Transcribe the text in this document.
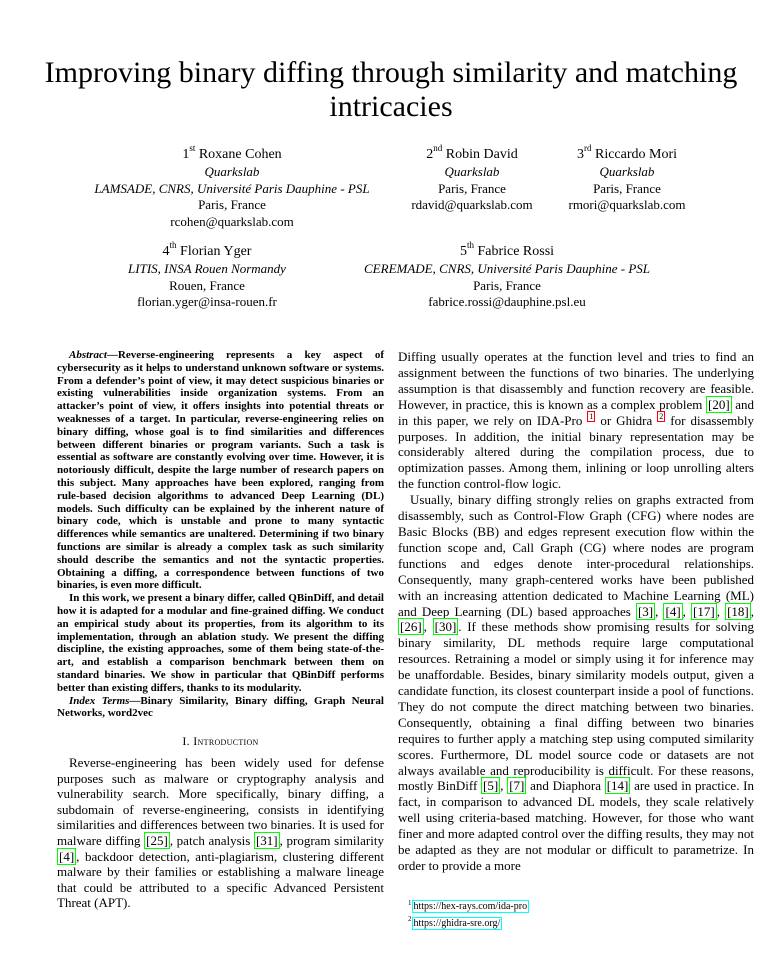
Improving binary diffing through similarity and matching intricacies
1st Roxane Cohen
Quarkslab
LAMSADE, CNRS, Université Paris Dauphine - PSL
Paris, France
rcohen@quarkslab.com
2nd Robin David
Quarkslab
Paris, France
rdavid@quarkslab.com
3rd Riccardo Mori
Quarkslab
Paris, France
rmori@quarkslab.com
4th Florian Yger
LITIS, INSA Rouen Normandy
Rouen, France
florian.yger@insa-rouen.fr
5th Fabrice Rossi
CEREMADE, CNRS, Université Paris Dauphine - PSL
Paris, France
fabrice.rossi@dauphine.psl.eu

Abstract—Reverse-engineering represents a key aspect of cybersecurity as it helps to understand unknown software or systems. From a defender’s point of view, it may detect suspicious binaries or existing vulnerabilities inside organization systems. From an attacker’s point of view, it offers insights into potential threats or weaknesses of a target. In particular, reverse-engineering relies on binary diffing, whose goal is to find similarities and differences between different binaries or program variants. Such a task is essential as software are constantly evolving over time. However, it is notoriously difficult, despite the large number of research papers on this subject. Many approaches have been explored, ranging from rule-based decision algorithms to advanced Deep Learning (DL) models. Such difficulty can be explained by the inherent nature of binary code, which is unstable and prone to many syntactic differences while semantics are unaltered. Determining if two binary functions are similar is already a complex task as such similarity should describe the semantics and not the syntactic properties. Obtaining a diffing, a correspondence between functions of two binaries, is even more difficult.

In this work, we present a binary differ, called QBinDiff, and detail how it is adapted for a modular and fine-grained diffing. We conduct an empirical study about its properties, from its algorithm to its implementation, through an ablation study. We present the diffing discipline, the existing approaches, some of them being state-of-the-art, and establish a comparison benchmark between them on standard binaries. We show in particular that QBinDiff performs better than existing differs, thanks to its modularity.

Index Terms—Binary Similarity, Binary diffing, Graph Neural Networks, word2vec

I. Introduction

Reverse-engineering has been widely used for defense purposes such as malware or cryptography analysis and vulnerability search. More specifically, binary diffing, a subdomain of reverse-engineering, consists in identifying similarities and differences between two binaries. It is used for malware diffing [25] , patch analysis [31] , program similarity [4] , backdoor detection, anti-plagiarism, clustering different malware by their families or establishing a malware lineage that could be attributed to a specific Advanced Persistent Threat (APT).

Diffing usually operates at the function level and tries to find an assignment between the functions of two binaries. The underlying assumption is that disassembly and function recovery are feasible. However, in practice, this is known as a complex problem [20] and in this paper, we rely on IDA-Pro $^1$ or Ghidra $^2$ for disassembly purposes. In addition, the initial binary representation may be considerably altered during the compilation process, due to optimization passes. Among them, inlining or loop unrolling alters the function control-flow logic.

Usually, binary diffing strongly relies on graphs extracted from disassembly, such as Control-Flow Graph (CFG) where nodes are Basic Blocks (BB) and edges represent execution flow within the function scope and, Call Graph (CG) where nodes are program functions and edges denote inter-procedural relationships. Consequently, many graph-centered works have been published with an increasing attention dedicated to Machine Learning (ML) and Deep Learning (DL) based approaches [3] , [4] , [17] , [18] , [26] , [30] . If these methods show promising results for solving binary similarity, DL methods require large computational resources. Retraining a model or simply using it for inference may be unaffordable. Besides, binary similarity models output, given a candidate function, its closest counterpart inside a pool of functions. They do not compute the direct matching between two binaries. Consequently, obtaining a final diffing between two binaries requires to further apply a matching step using computed similarity scores. Furthermore, DL model source code or datasets are not always available and reproducibility is difficult. For these reasons, mostly BinDiff [5] , [7] and Diaphora [14] are used in practice. In fact, in comparison to advanced DL models, they scale relatively well using criteria-based matching. However, for those who want finer and more adapted control over the diffing results, they may not be adapted as they are not modular or difficult to parametrize. In order to provide a more

$^1$ https://hex-rays.com/ida-pro
$^2$ https://ghidra-sre.org/
